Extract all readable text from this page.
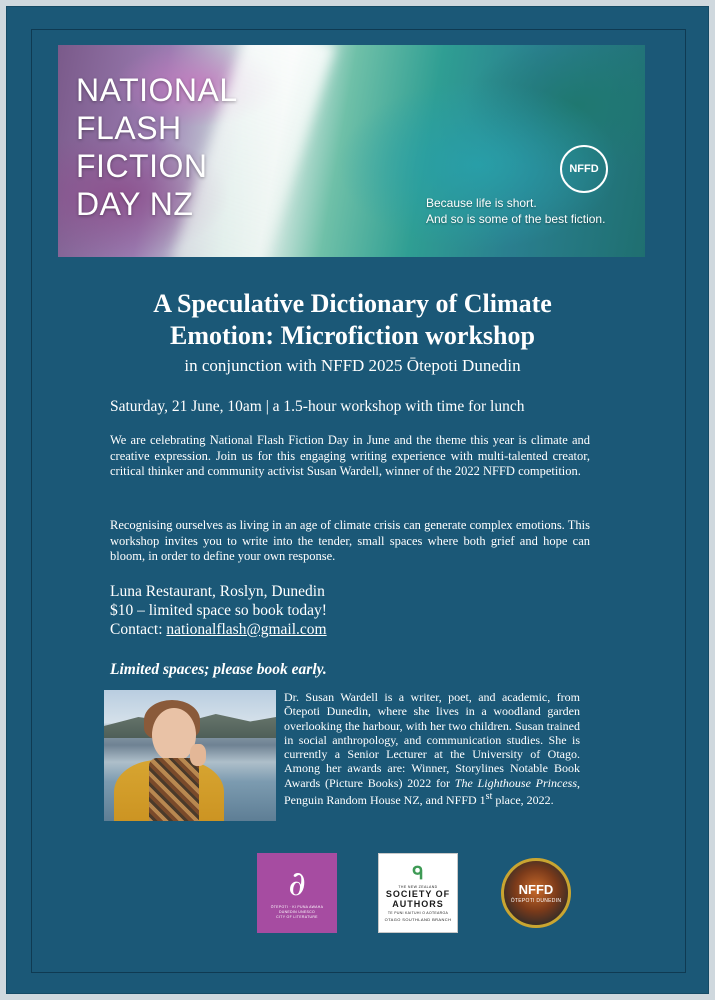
NATIONAL
FLASH
FICTION
DAY NZ
NFFD
Because life is short.
And so is some of the best fiction.
A Speculative Dictionary of Climate
Emotion: Microfiction workshop
in conjunction with NFFD 2025 Ōtepoti Dunedin
Saturday, 21 June, 10am | a 1.5-hour workshop with time for lunch
We are celebrating National Flash Fiction Day in June and the theme this year is climate and creative expression. Join us for this engaging writing experience with multi-talented creator, critical thinker and community activist Susan Wardell, winner of the 2022 NFFD competition.
Recognising ourselves as living in an age of climate crisis can generate complex emotions. This workshop invites you to write into the tender, small spaces where both grief and hope can bloom, in order to define your own response.
Luna Restaurant, Roslyn, Dunedin
$10 – limited space so book today!
Contact: nationalflash@gmail.com
Limited spaces; please book early.
Dr. Susan Wardell is a writer, poet, and academic, from Ōtepoti Dunedin, where she lives in a woodland garden overlooking the harbour, with her two children. Susan trained in social anthropology, and communication studies. She is currently a Senior Lecturer at the University of Otago. Among her awards are: Winner, Storylines Notable Book Awards (Picture Books) 2022 for The Lighthouse Princess, Penguin Random House NZ, and NFFD 1st place, 2022.
∂
ŌTEPOTI · KI PUNA AWAHA
DUNEDIN UNESCO
CITY OF LITERATURE
ᑫ
THE NEW ZEALAND
SOCIETY OF AUTHORS
TE PUNI KAITUHI O AOTEAROA
OTAGO SOUTHLAND BRANCH
NFFD
ŌTEPOTI DUNEDIN
